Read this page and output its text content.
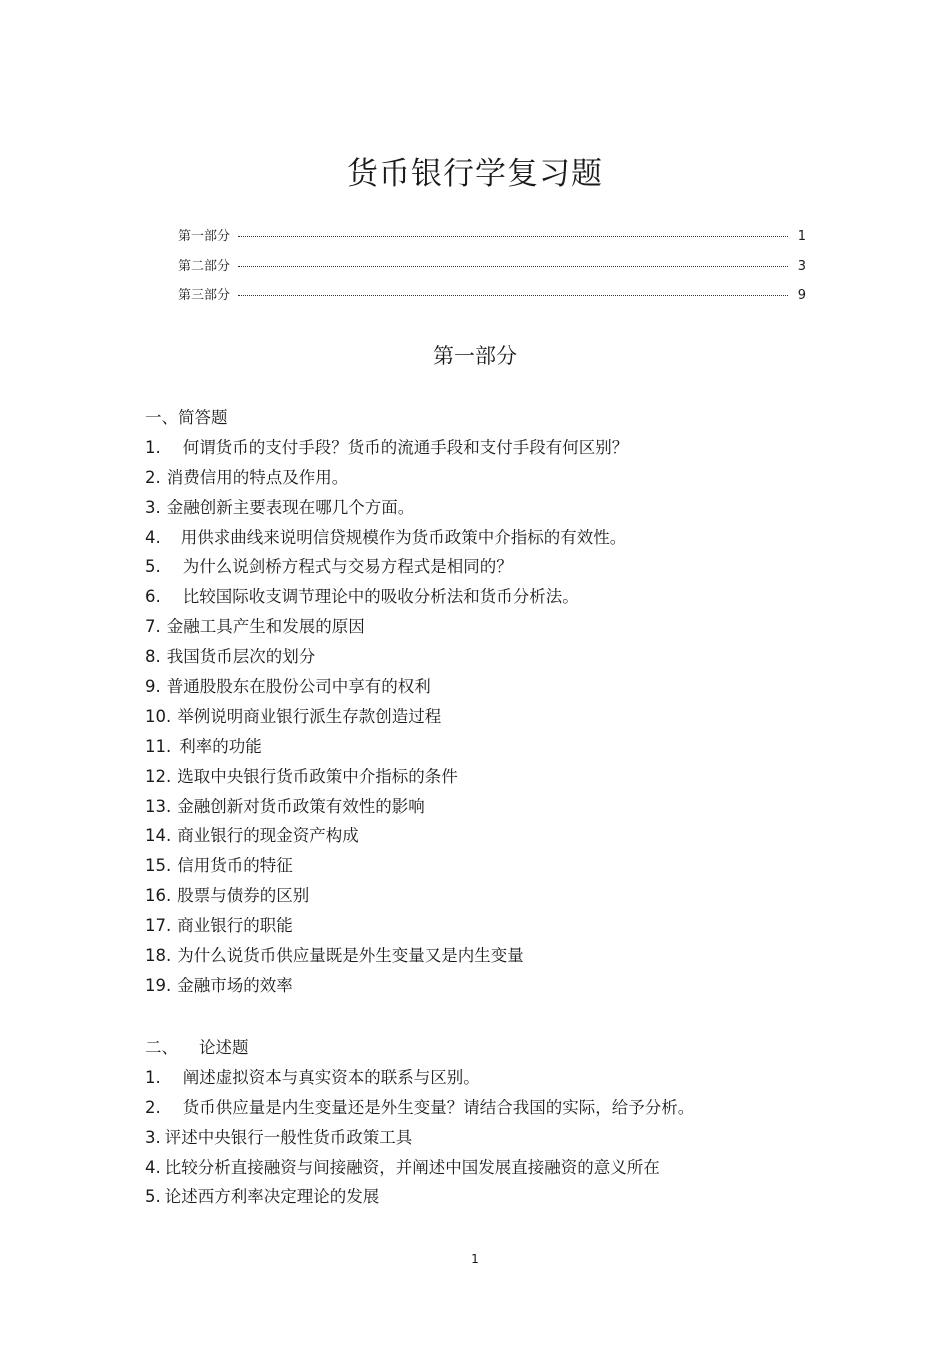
货币银行学复习题
第一部分	1
第二部分	3
第三部分	9
第一部分
一、简答题
1. 何谓货币的支付手段？货币的流通手段和支付手段有何区别？
2. 消费信用的特点及作用。
3. 金融创新主要表现在哪几个方面。
4. 用供求曲线来说明信贷规模作为货币政策中介指标的有效性。
5. 为什么说剑桥方程式与交易方程式是相同的？
6. 比较国际收支调节理论中的吸收分析法和货币分析法。
7. 金融工具产生和发展的原因
8. 我国货币层次的划分
9. 普通股股东在股份公司中享有的权利
10. 举例说明商业银行派生存款创造过程
11. 利率的功能
12. 选取中央银行货币政策中介指标的条件
13. 金融创新对货币政策有效性的影响
14. 商业银行的现金资产构成
15. 信用货币的特征
16. 股票与债券的区别
17. 商业银行的职能
18. 为什么说货币供应量既是外生变量又是内生变量
19. 金融市场的效率
二、    论述题
1. 阐述虚拟资本与真实资本的联系与区别。
2. 货币供应量是内生变量还是外生变量？请结合我国的实际，给予分析。
3. 评述中央银行一般性货币政策工具
4. 比较分析直接融资与间接融资，并阐述中国发展直接融资的意义所在
5. 论述西方利率决定理论的发展
1
